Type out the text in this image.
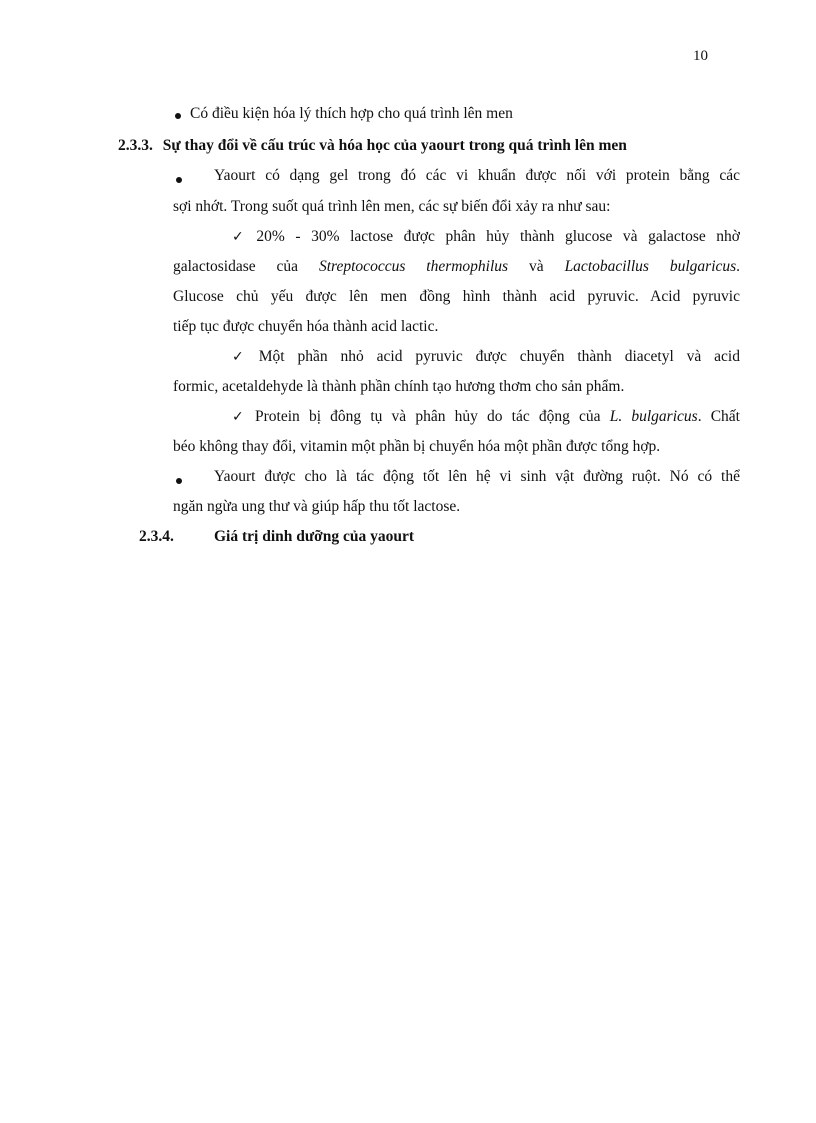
10
Có điều kiện hóa lý thích hợp cho quá trình lên men
2.3.3. Sự thay đổi về cấu trúc và hóa học của yaourt trong quá trình lên men
Yaourt có dạng gel trong đó các vi khuẩn được nối với protein bằng các
sợi nhớt. Trong suốt quá trình lên men, các sự biến đổi xảy ra như sau:
✓ 20% - 30% lactose được phân hủy thành glucose và galactose nhờ
galactosidase của Streptococcus thermophilus và Lactobacillus bulgaricus.
Glucose chủ yếu được lên men đồng hình thành acid pyruvic. Acid pyruvic
tiếp tục được chuyển hóa thành acid lactic.
✓ Một phần nhỏ acid pyruvic được chuyển thành diacetyl và acid
formic, acetaldehyde là thành phần chính tạo hương thơm cho sản phẩm.
✓ Protein bị đông tụ và phân hủy do tác động của L. bulgaricus. Chất
béo không thay đổi, vitamin một phần bị chuyển hóa một phần được tổng hợp.
Yaourt được cho là tác động tốt lên hệ vi sinh vật đường ruột. Nó có thể
ngăn ngừa ung thư và giúp hấp thu tốt lactose.
2.3.4.	Giá trị dinh dưỡng của yaourt
